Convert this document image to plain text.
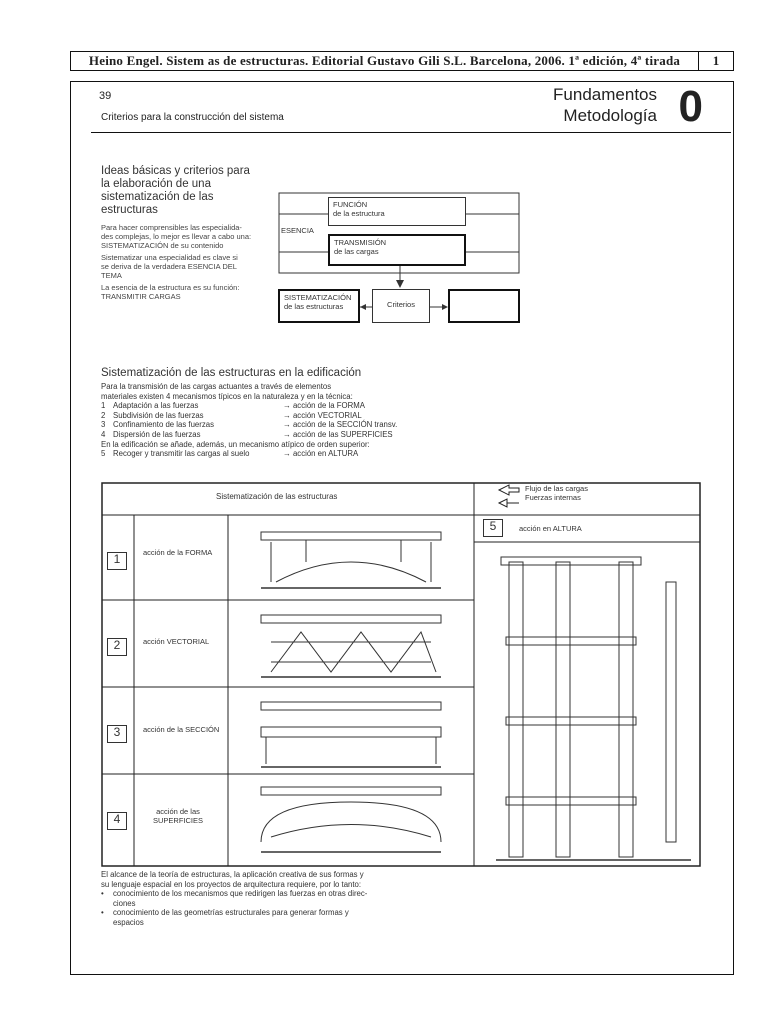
Heino Engel. Sistem as de estructuras. Editorial Gustavo Gili S.L. Barcelona, 2006. 1ª edición, 4ª tirada	1
39
Criterios para la construcción del sistema
Fundamentos
Metodología 0
Ideas básicas y criterios para
la elaboración de una
sistematización de las
estructuras
Para hacer comprensibles las especialida-
des complejas, lo mejor es llevar a cabo una:
SISTEMATIZACIÓN de su contenido
Sistematizar una especialidad es clave si
se deriva de la verdadera ESENCIA DEL
TEMA
La esencia de la estructura es su función:
TRANSMITIR CARGAS
FUNCIÓN
de la estructura
ESENCIA
TRANSMISIÓN
de las cargas
SISTEMATIZACIÓN
de las estructuras	Criterios
Sistematización de las estructuras en la edificación
Para la transmisión de las cargas actuantes a través de elementos
materiales existen 4 mecanismos típicos en la naturaleza y en la técnica:
1 Adaptación a las fuerzas	→ acción de la FORMA
2 Subdivisión de las fuerzas	→ acción VECTORIAL
3 Confinamiento de las fuerzas	→ acción de la SECCIÓN transv.
4 Dispersión de las fuerzas	→ acción de las SUPERFICIES
En la edificación se añade, además, un mecanismo atípico de orden superior:
5 Recoger y transmitir las cargas al suelo	→ acción en ALTURA
Sistematización de las estructuras
Flujo de las cargas
Fuerzas internas
1
2
3
4
5
acción de la FORMA
acción VECTORIAL
acción de la SECCIÓN
acción de las
SUPERFICIES
acción en ALTURA
El alcance de la teoría de estructuras, la aplicación creativa de sus formas y
su lenguaje espacial en los proyectos de arquitectura requiere, por lo tanto:
•	conocimiento de los mecanismos que redirigen las fuerzas en otras direc-
ciones
•	conocimiento de las geometrías estructurales para generar formas y
espacios
